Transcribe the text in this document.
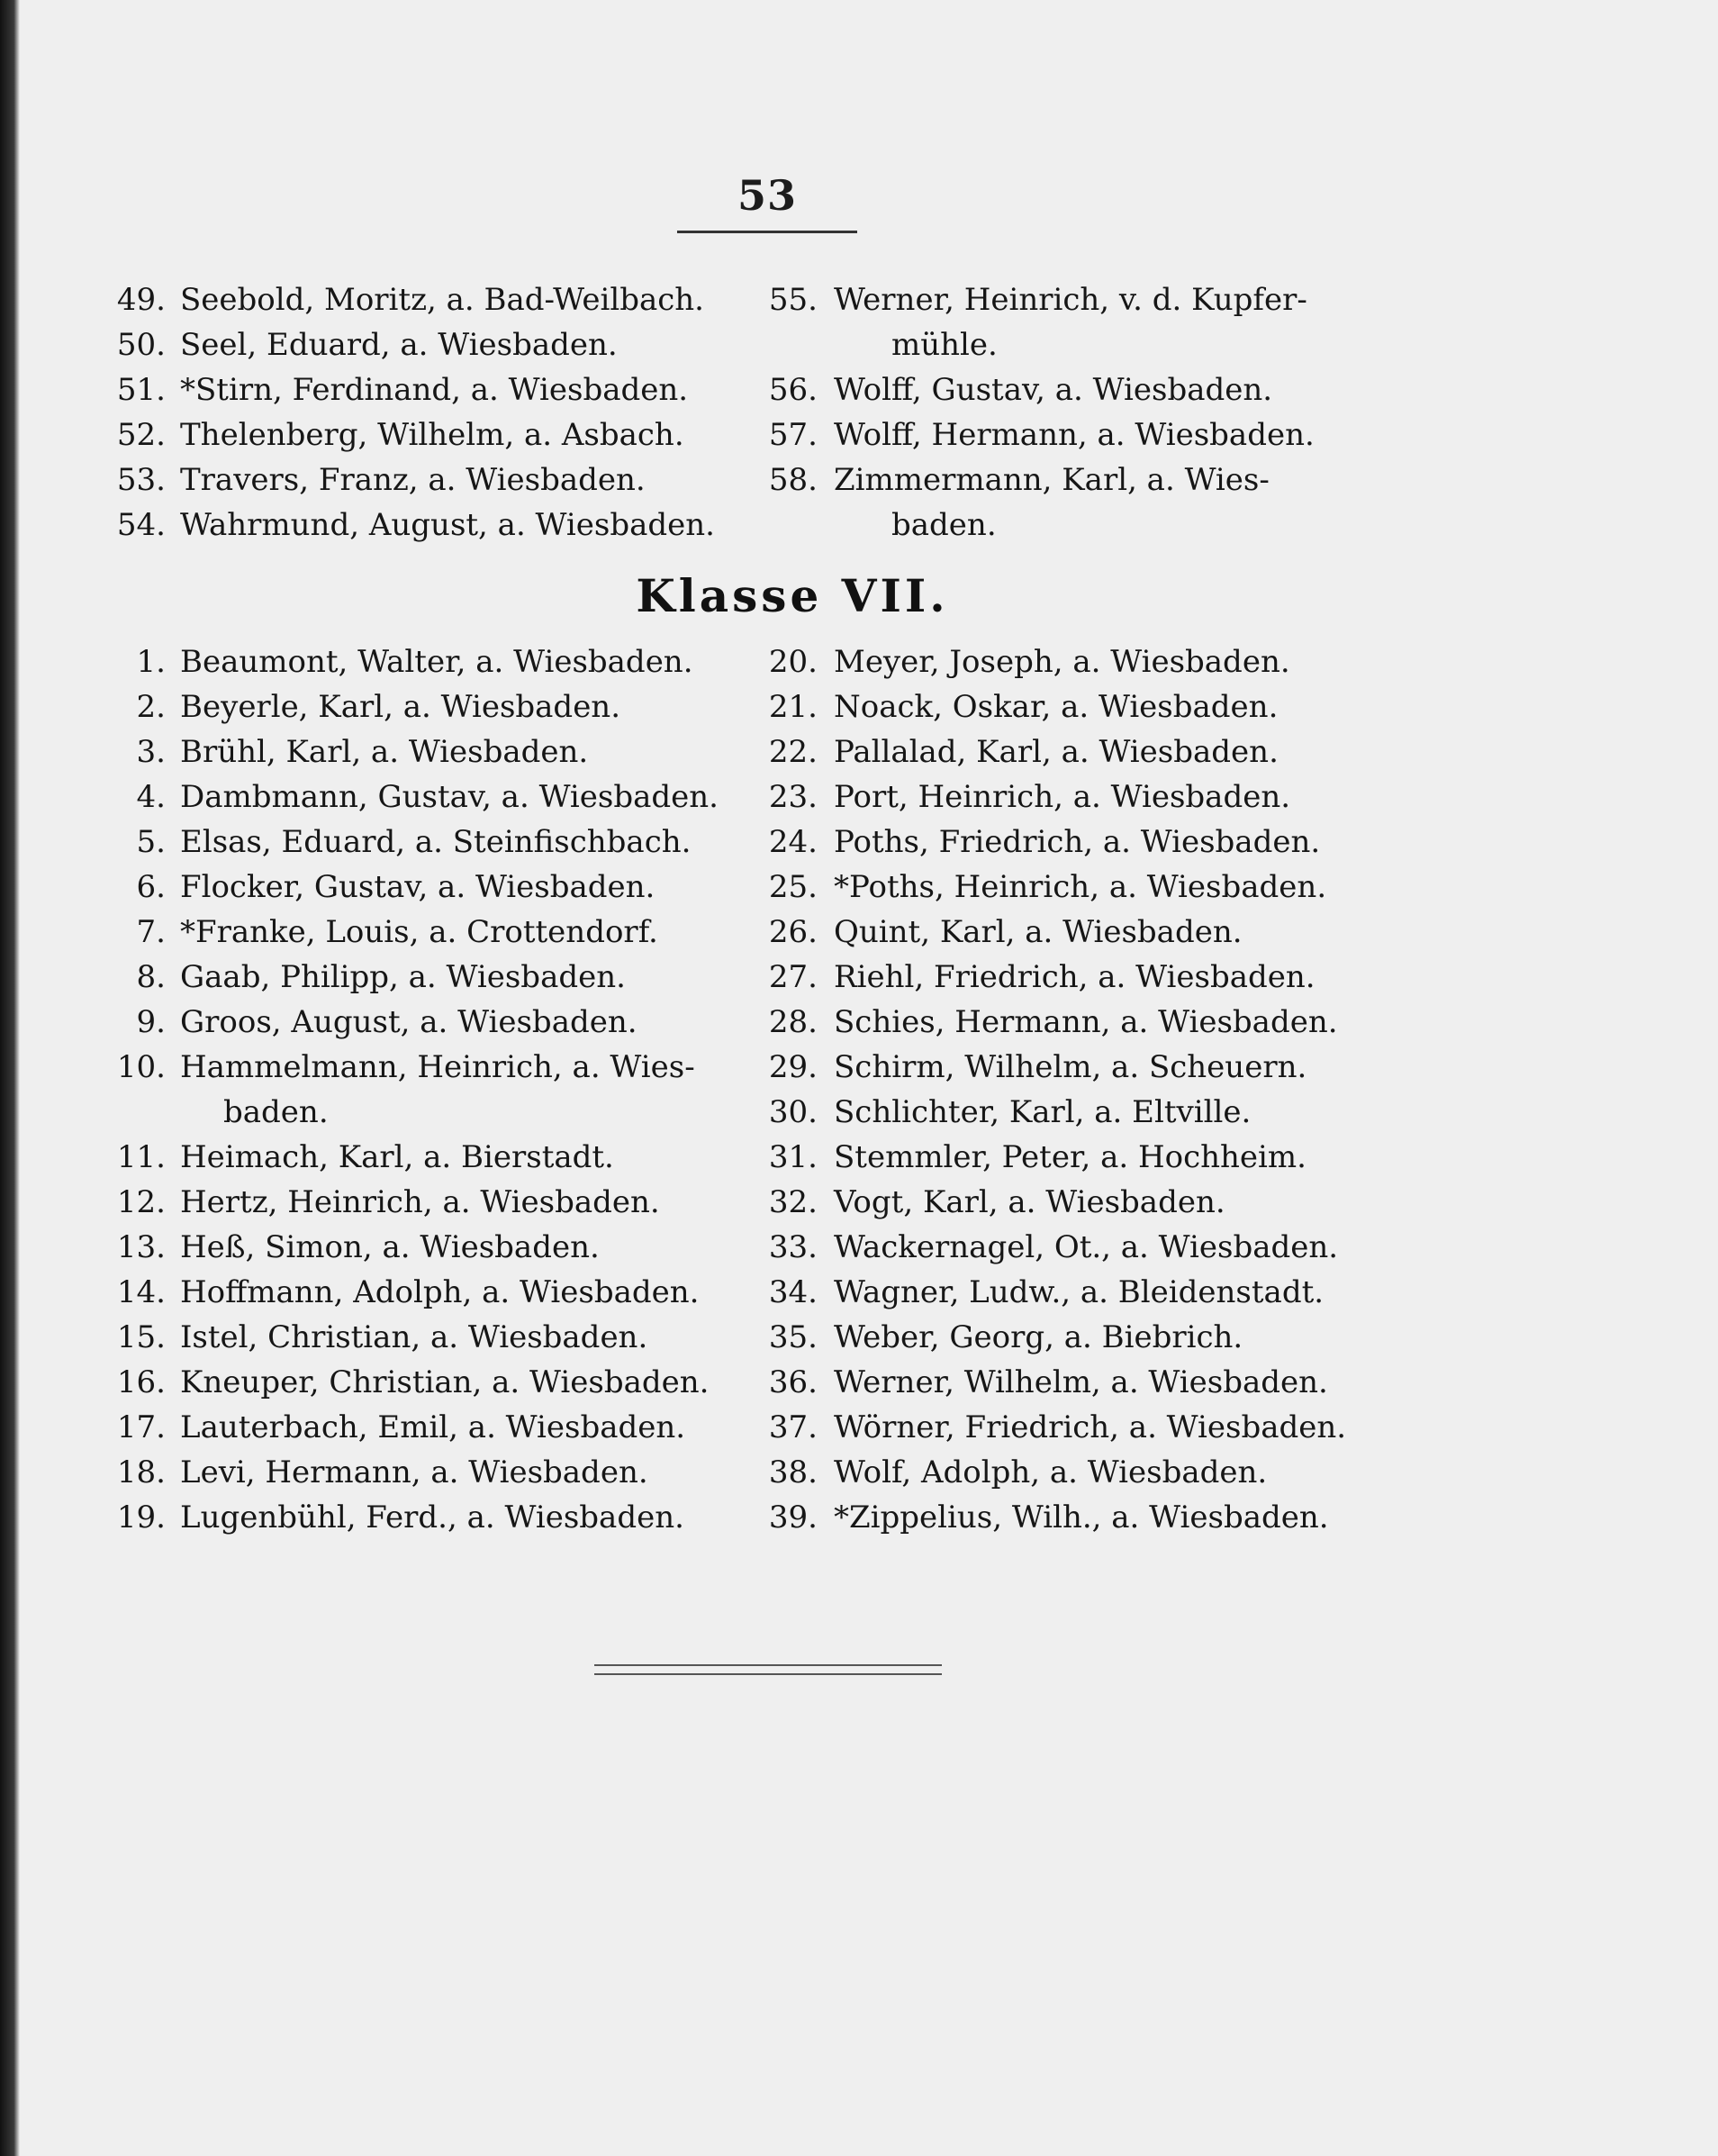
53
49. Seebold, Moritz, a. Bad-Weilbach.
50. Seel, Eduard, a. Wiesbaden.
51. *Stirn, Ferdinand, a. Wiesbaden.
52. Thelenberg, Wilhelm, a. Asbach.
53. Travers, Franz, a. Wiesbaden.
54. Wahrmund, August, a. Wiesbaden.
55. Werner, Heinrich, v. d. Kupfer-
mühle.
56. Wolff, Gustav, a. Wiesbaden.
57. Wolff, Hermann, a. Wiesbaden.
58. Zimmermann, Karl, a. Wies-
baden.
Klasse VII.
1. Beaumont, Walter, a. Wiesbaden.
2. Beyerle, Karl, a. Wiesbaden.
3. Brühl, Karl, a. Wiesbaden.
4. Dambmann, Gustav, a. Wiesbaden.
5. Elsas, Eduard, a. Steinfischbach.
6. Flocker, Gustav, a. Wiesbaden.
7. *Franke, Louis, a. Crottendorf.
8. Gaab, Philipp, a. Wiesbaden.
9. Groos, August, a. Wiesbaden.
10. Hammelmann, Heinrich, a. Wies-
baden.
11. Heimach, Karl, a. Bierstadt.
12. Hertz, Heinrich, a. Wiesbaden.
13. Heß, Simon, a. Wiesbaden.
14. Hoffmann, Adolph, a. Wiesbaden.
15. Istel, Christian, a. Wiesbaden.
16. Kneuper, Christian, a. Wiesbaden.
17. Lauterbach, Emil, a. Wiesbaden.
18. Levi, Hermann, a. Wiesbaden.
19. Lugenbühl, Ferd., a. Wiesbaden.
20. Meyer, Joseph, a. Wiesbaden.
21. Noack, Oskar, a. Wiesbaden.
22. Pallalad, Karl, a. Wiesbaden.
23. Port, Heinrich, a. Wiesbaden.
24. Poths, Friedrich, a. Wiesbaden.
25. *Poths, Heinrich, a. Wiesbaden.
26. Quint, Karl, a. Wiesbaden.
27. Riehl, Friedrich, a. Wiesbaden.
28. Schies, Hermann, a. Wiesbaden.
29. Schirm, Wilhelm, a. Scheuern.
30. Schlichter, Karl, a. Eltville.
31. Stemmler, Peter, a. Hochheim.
32. Vogt, Karl, a. Wiesbaden.
33. Wackernagel, Ot., a. Wiesbaden.
34. Wagner, Ludw., a. Bleidenstadt.
35. Weber, Georg, a. Biebrich.
36. Werner, Wilhelm, a. Wiesbaden.
37. Wörner, Friedrich, a. Wiesbaden.
38. Wolf, Adolph, a. Wiesbaden.
39. *Zippelius, Wilh., a. Wiesbaden.
